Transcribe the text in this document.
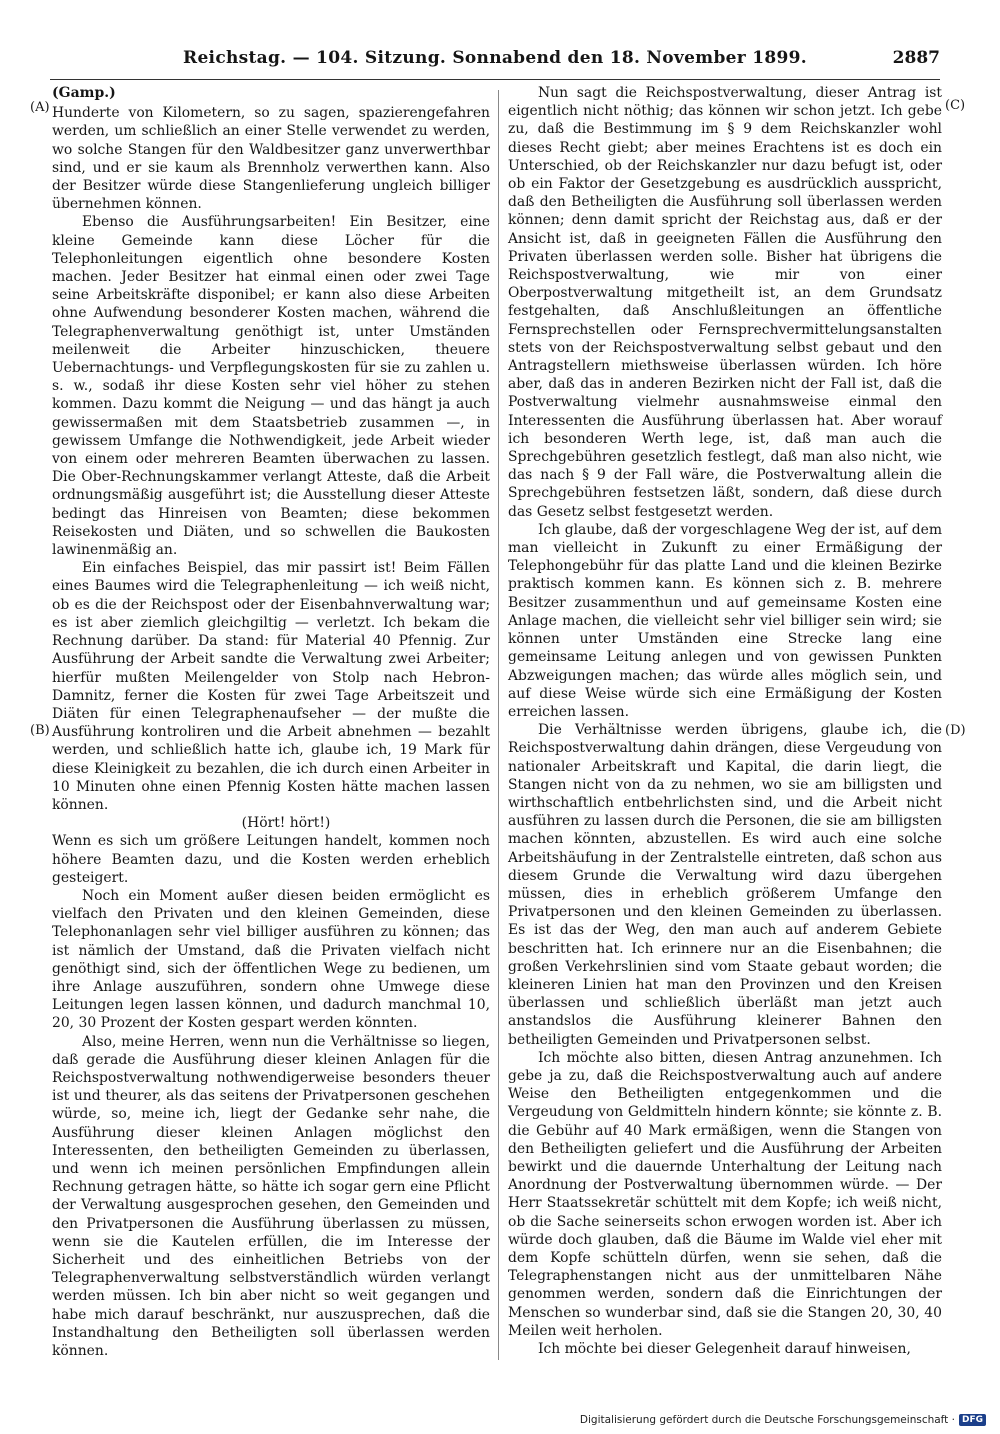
Reichstag. — 104. Sitzung. Sonnabend den 18. November 1899.	2887
(A)
(B)
(C)
(D)
(Gamp.)

Hunderte von Kilometern, so zu sagen, spazierengefahren werden, um schließlich an einer Stelle verwendet zu werden, wo solche Stangen für den Waldbesitzer ganz unverwerthbar sind, und er sie kaum als Brennholz verwerthen kann. Also der Besitzer würde diese Stangenlieferung ungleich billiger übernehmen können.

Ebenso die Ausführungsarbeiten! Ein Besitzer, eine kleine Gemeinde kann diese Löcher für die Telephonleitungen eigentlich ohne besondere Kosten machen. Jeder Besitzer hat einmal einen oder zwei Tage seine Arbeitskräfte disponibel; er kann also diese Arbeiten ohne Aufwendung besonderer Kosten machen, während die Telegraphenverwaltung genöthigt ist, unter Umständen meilenweit die Arbeiter hinzuschicken, theuere Uebernachtungs- und Verpflegungskosten für sie zu zahlen u. s. w., sodaß ihr diese Kosten sehr viel höher zu stehen kommen. Dazu kommt die Neigung — und das hängt ja auch gewissermaßen mit dem Staatsbetrieb zusammen —, in gewissem Umfange die Nothwendigkeit, jede Arbeit wieder von einem oder mehreren Beamten überwachen zu lassen. Die Ober-Rechnungskammer verlangt Atteste, daß die Arbeit ordnungsmäßig ausgeführt ist; die Ausstellung dieser Atteste bedingt das Hinreisen von Beamten; diese bekommen Reisekosten und Diäten, und so schwellen die Baukosten lawinenmäßig an.

Ein einfaches Beispiel, das mir passirt ist! Beim Fällen eines Baumes wird die Telegraphenleitung — ich weiß nicht, ob es die der Reichspost oder der Eisenbahnverwaltung war; es ist aber ziemlich gleichgiltig — verletzt. Ich bekam die Rechnung darüber. Da stand: für Material 40 Pfennig. Zur Ausführung der Arbeit sandte die Verwaltung zwei Arbeiter; hierfür mußten Meilengelder von Stolp nach Hebron-Damnitz, ferner die Kosten für zwei Tage Arbeitszeit und Diäten für einen Telegraphenaufseher — der mußte die Ausführung kontroliren und die Arbeit abnehmen — bezahlt werden, und schließlich hatte ich, glaube ich, 19 Mark für diese Kleinigkeit zu bezahlen, die ich durch einen Arbeiter in 10 Minuten ohne einen Pfennig Kosten hätte machen lassen können.

(Hört! hört!)

Wenn es sich um größere Leitungen handelt, kommen noch höhere Beamten dazu, und die Kosten werden erheblich gesteigert.

Noch ein Moment außer diesen beiden ermöglicht es vielfach den Privaten und den kleinen Gemeinden, diese Telephonanlagen sehr viel billiger ausführen zu können; das ist nämlich der Umstand, daß die Privaten vielfach nicht genöthigt sind, sich der öffentlichen Wege zu bedienen, um ihre Anlage auszuführen, sondern ohne Umwege diese Leitungen legen lassen können, und dadurch manchmal 10, 20, 30 Prozent der Kosten gespart werden könnten.

Also, meine Herren, wenn nun die Verhältnisse so liegen, daß gerade die Ausführung dieser kleinen Anlagen für die Reichspostverwaltung nothwendigerweise besonders theuer ist und theurer, als das seitens der Privatpersonen geschehen würde, so, meine ich, liegt der Gedanke sehr nahe, die Ausführung dieser kleinen Anlagen möglichst den Interessenten, den betheiligten Gemeinden zu überlassen, und wenn ich meinen persönlichen Empfindungen allein Rechnung getragen hätte, so hätte ich sogar gern eine Pflicht der Verwaltung ausgesprochen gesehen, den Gemeinden und den Privatpersonen die Ausführung überlassen zu müssen, wenn sie die Kautelen erfüllen, die im Interesse der Sicherheit und des einheitlichen Betriebs von der Telegraphenverwaltung selbstverständlich würden verlangt werden müssen. Ich bin aber nicht so weit gegangen und habe mich darauf beschränkt, nur auszusprechen, daß die Instandhaltung den Betheiligten soll überlassen werden können.

Nun sagt die Reichspostverwaltung, dieser Antrag ist eigentlich nicht nöthig; das können wir schon jetzt. Ich gebe zu, daß die Bestimmung im § 9 dem Reichskanzler wohl dieses Recht giebt; aber meines Erachtens ist es doch ein Unterschied, ob der Reichskanzler nur dazu befugt ist, oder ob ein Faktor der Gesetzgebung es ausdrücklich ausspricht, daß den Betheiligten die Ausführung soll überlassen werden können; denn damit spricht der Reichstag aus, daß er der Ansicht ist, daß in geeigneten Fällen die Ausführung den Privaten überlassen werden solle. Bisher hat übrigens die Reichspostverwaltung, wie mir von einer Oberpostverwaltung mitgetheilt ist, an dem Grundsatz festgehalten, daß Anschlußleitungen an öffentliche Fernsprechstellen oder Fernsprechvermittelungsanstalten stets von der Reichspostverwaltung selbst gebaut und den Antragstellern miethsweise überlassen würden. Ich höre aber, daß das in anderen Bezirken nicht der Fall ist, daß die Postverwaltung vielmehr ausnahmsweise einmal den Interessenten die Ausführung überlassen hat. Aber worauf ich besonderen Werth lege, ist, daß man auch die Sprechgebühren gesetzlich festlegt, daß man also nicht, wie das nach § 9 der Fall wäre, die Postverwaltung allein die Sprechgebühren festsetzen läßt, sondern, daß diese durch das Gesetz selbst festgesetzt werden.

Ich glaube, daß der vorgeschlagene Weg der ist, auf dem man vielleicht in Zukunft zu einer Ermäßigung der Telephongebühr für das platte Land und die kleinen Bezirke praktisch kommen kann. Es können sich z. B. mehrere Besitzer zusammenthun und auf gemeinsame Kosten eine Anlage machen, die vielleicht sehr viel billiger sein wird; sie können unter Umständen eine Strecke lang eine gemeinsame Leitung anlegen und von gewissen Punkten Abzweigungen machen; das würde alles möglich sein, und auf diese Weise würde sich eine Ermäßigung der Kosten erreichen lassen.

Die Verhältnisse werden übrigens, glaube ich, die Reichspostverwaltung dahin drängen, diese Vergeudung von nationaler Arbeitskraft und Kapital, die darin liegt, die Stangen nicht von da zu nehmen, wo sie am billigsten und wirthschaftlich entbehrlichsten sind, und die Arbeit nicht ausführen zu lassen durch die Personen, die sie am billigsten machen könnten, abzustellen. Es wird auch eine solche Arbeitshäufung in der Zentralstelle eintreten, daß schon aus diesem Grunde die Verwaltung wird dazu übergehen müssen, dies in erheblich größerem Umfange den Privatpersonen und den kleinen Gemeinden zu überlassen. Es ist das der Weg, den man auch auf anderem Gebiete beschritten hat. Ich erinnere nur an die Eisenbahnen; die großen Verkehrslinien sind vom Staate gebaut worden; die kleineren Linien hat man den Provinzen und den Kreisen überlassen und schließlich überläßt man jetzt auch anstandslos die Ausführung kleinerer Bahnen den betheiligten Gemeinden und Privatpersonen selbst.

Ich möchte also bitten, diesen Antrag anzunehmen. Ich gebe ja zu, daß die Reichspostverwaltung auch auf andere Weise den Betheiligten entgegenkommen und die Vergeudung von Geldmitteln hindern könnte; sie könnte z. B. die Gebühr auf 40 Mark ermäßigen, wenn die Stangen von den Betheiligten geliefert und die Ausführung der Arbeiten bewirkt und die dauernde Unterhaltung der Leitung nach Anordnung der Postverwaltung übernommen würde. — Der Herr Staatssekretär schüttelt mit dem Kopfe; ich weiß nicht, ob die Sache seinerseits schon erwogen worden ist. Aber ich würde doch glauben, daß die Bäume im Walde viel eher mit dem Kopfe schütteln dürfen, wenn sie sehen, daß die Telegraphenstangen nicht aus der unmittelbaren Nähe genommen werden, sondern daß die Einrichtungen der Menschen so wunderbar sind, daß sie die Stangen 20, 30, 40 Meilen weit herholen.

Ich möchte bei dieser Gelegenheit darauf hinweisen,

Digitalisierung gefördert durch die Deutsche Forschungsgemeinschaft · DFG
